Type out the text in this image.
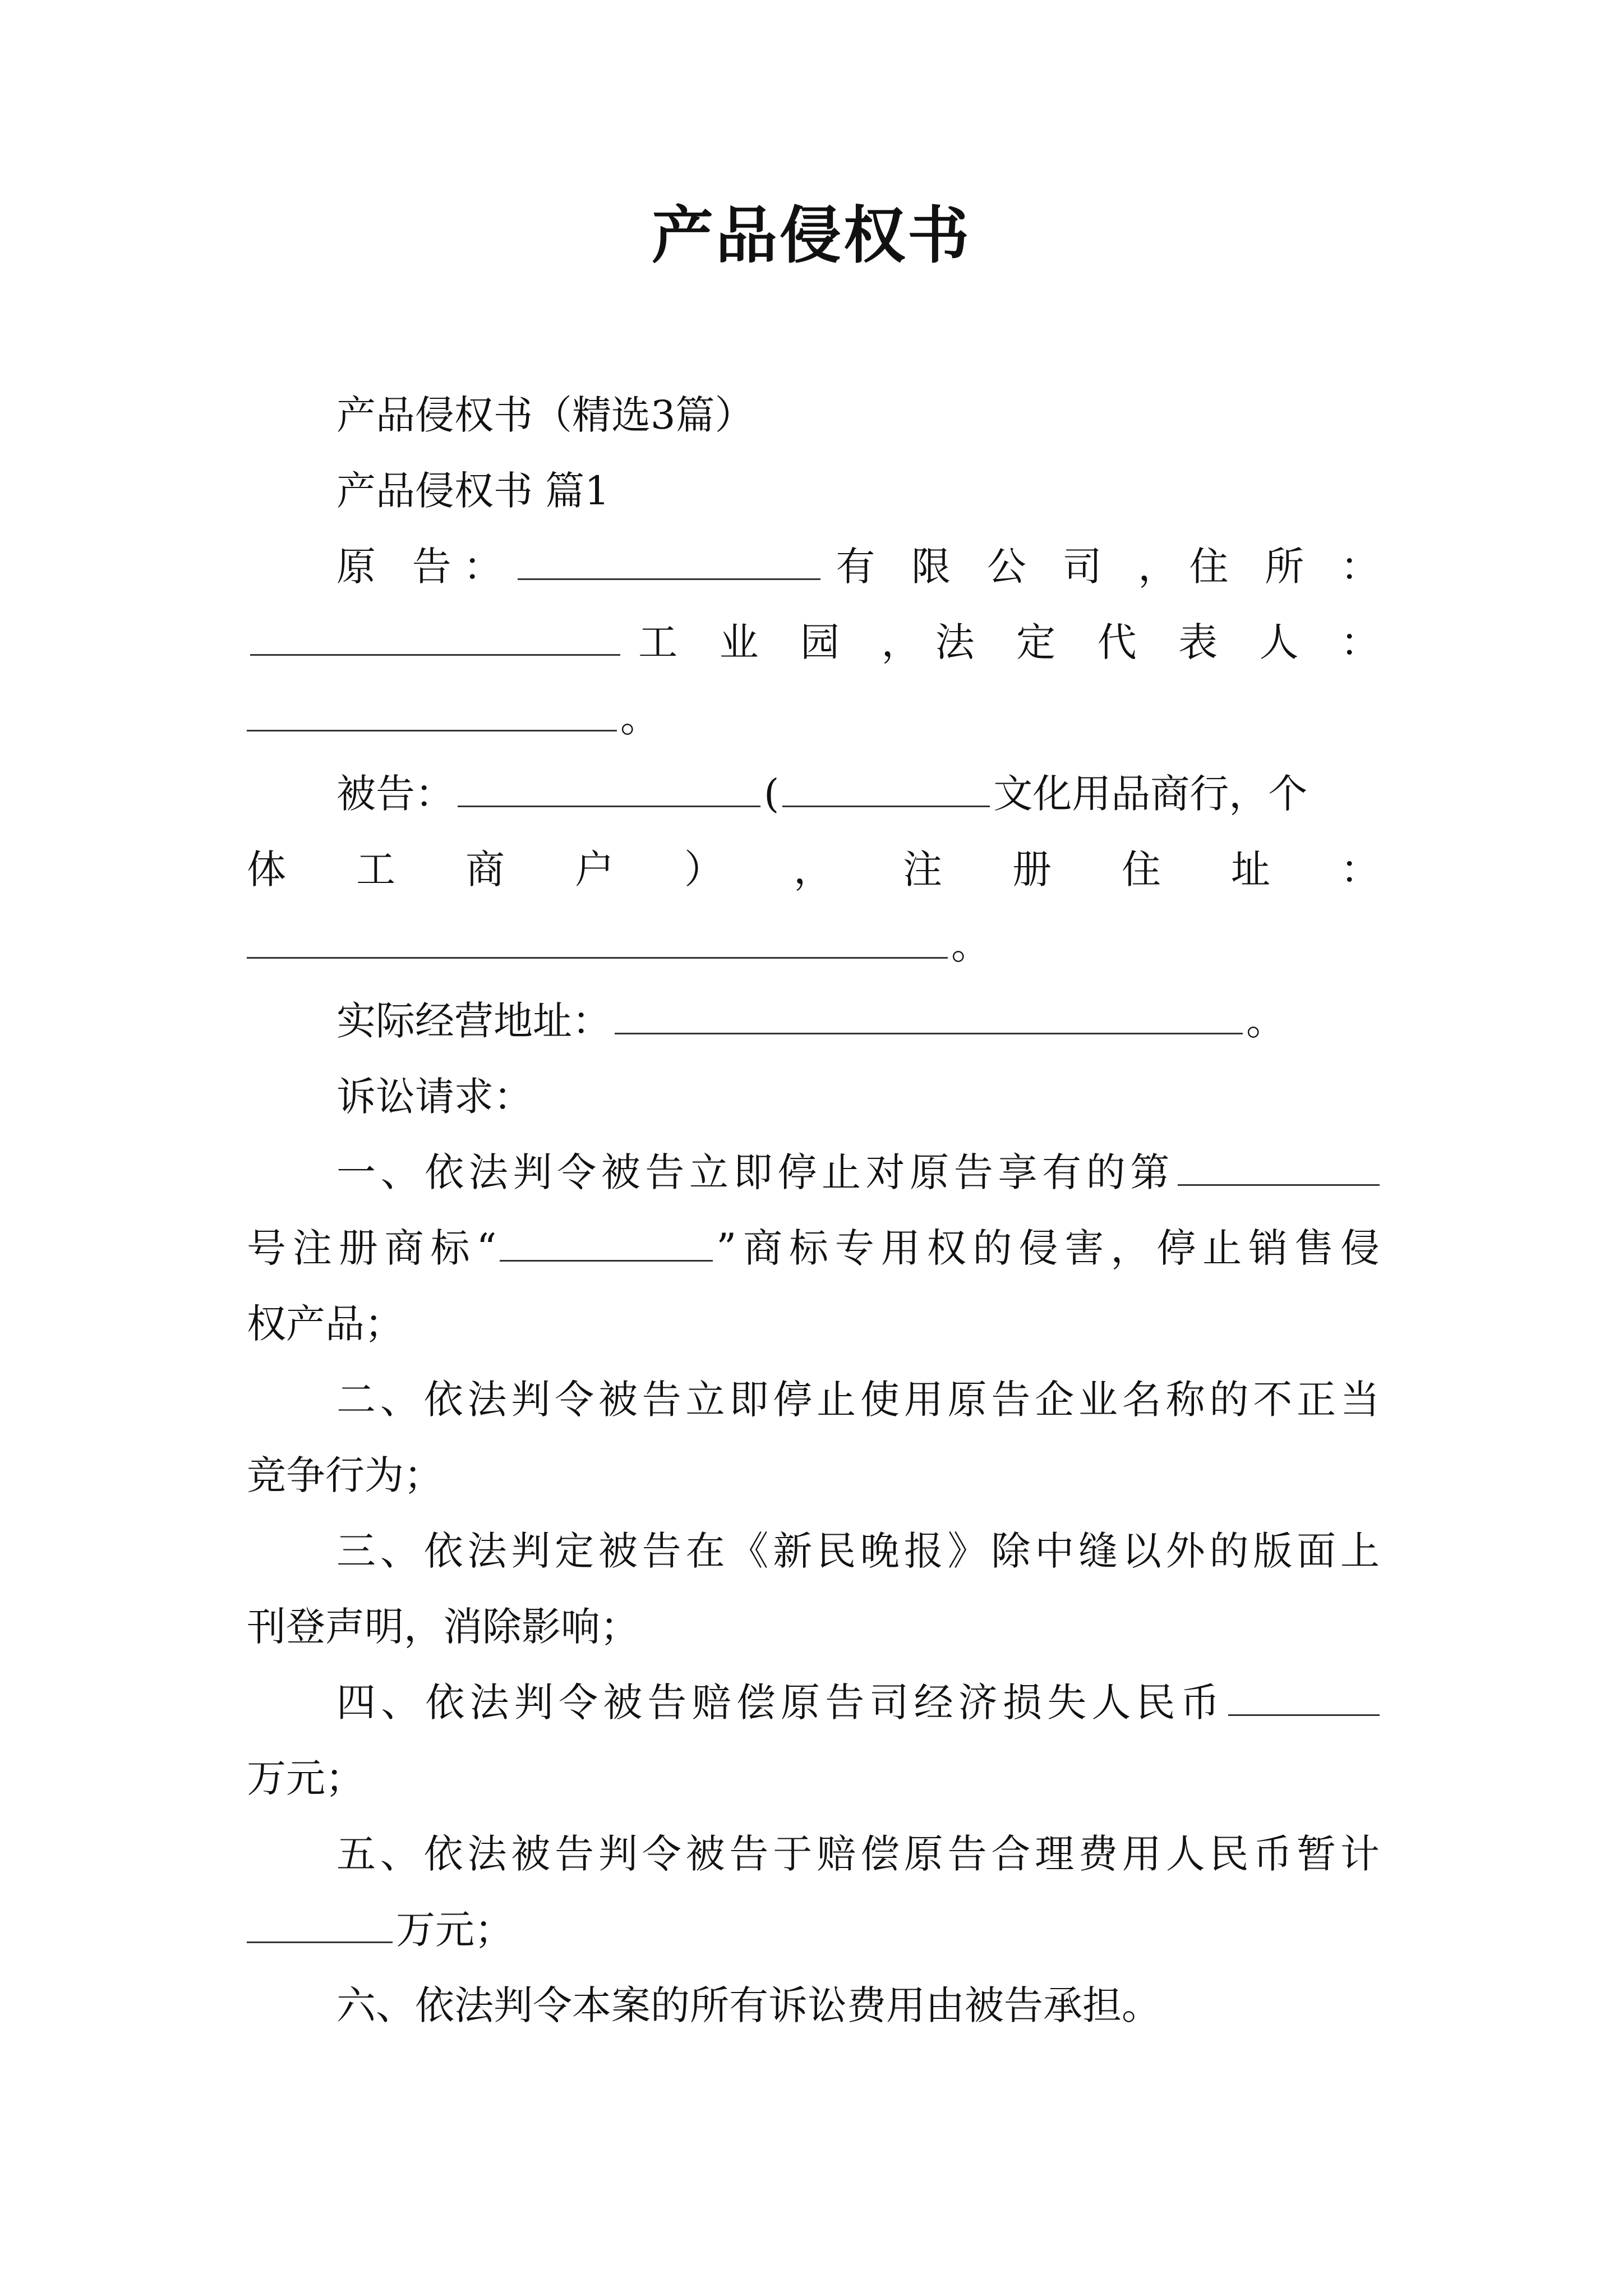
产品侵权书
产品侵权书（精选3篇）
产品侵权书 篇1
原 告：	有 限 公 司 ，住 所 ：
工 业 园 ，法 定 代 表 人 ：
。
被告：	(	文化用品商行，个
体 工 商 户 ） ， 注 册 住 址 ：
。
实际经营地址：	。
诉讼请求：
一、依法判令被告立即停止对原告享有的第
号注册商标“	”商标专用权的侵害，停止销售侵
权产品；
二、依法判令被告立即停止使用原告企业名称的不正当
竞争行为；
三、依法判定被告在《新民晚报》除中缝以外的版面上
刊登声明，消除影响；
四、依法判令被告赔偿原告司经济损失人民币
万元；
五、依法被告判令被告于赔偿原告合理费用人民币暂计
万元；
六、依法判令本案的所有诉讼费用由被告承担。
